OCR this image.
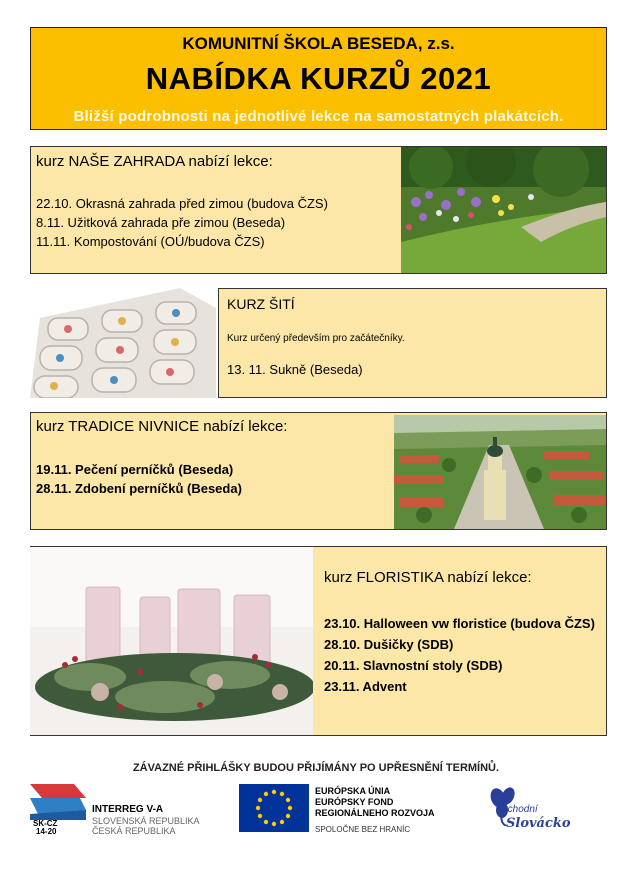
KOMUNITNÍ ŠKOLA BESEDA, z.s.
NABÍDKA KURZŮ 2021
Bližší podrobnosti na jednotlivé lekce na samostatných plakátcích.
kurz NAŠE ZAHRADA nabízí lekce:
22.10. Okrasná zahrada před zimou (budova ČZS)
8.11. Užitková zahrada pře zimou (Beseda)
11.11. Kompostování (OÚ/budova ČZS)
KURZ ŠITÍ
Kurz určený především pro začátečníky.
13. 11. Sukně (Beseda)
kurz TRADICE NIVNICE nabízí lekce:
19.11. Pečení perníčků (Beseda)
28.11. Zdobení perníčků (Beseda)
kurz FLORISTIKA nabízí lekce:
23.10. Halloween vw floristice (budova ČZS)
28.10. Dušičky (SDB)
20.11. Slavnostní stoly (SDB)
23.11. Advent
ZÁVAZNÉ PŘIHLÁŠKY BUDOU PŘIJÍMÁNY PO UPŘESNĚNÍ TERMÍNŮ.
SK-CZ
14-20
INTERREG V-A
SLOVENSKÁ REPUBLIKA
ČESKÁ REPUBLIKA
EURÓPSKA ÚNIA
EURÓPSKY FOND
REGIONÁLNEHO ROZVOJA
SPOLOČNE BEZ HRANÍC
Východní
Slovácko
